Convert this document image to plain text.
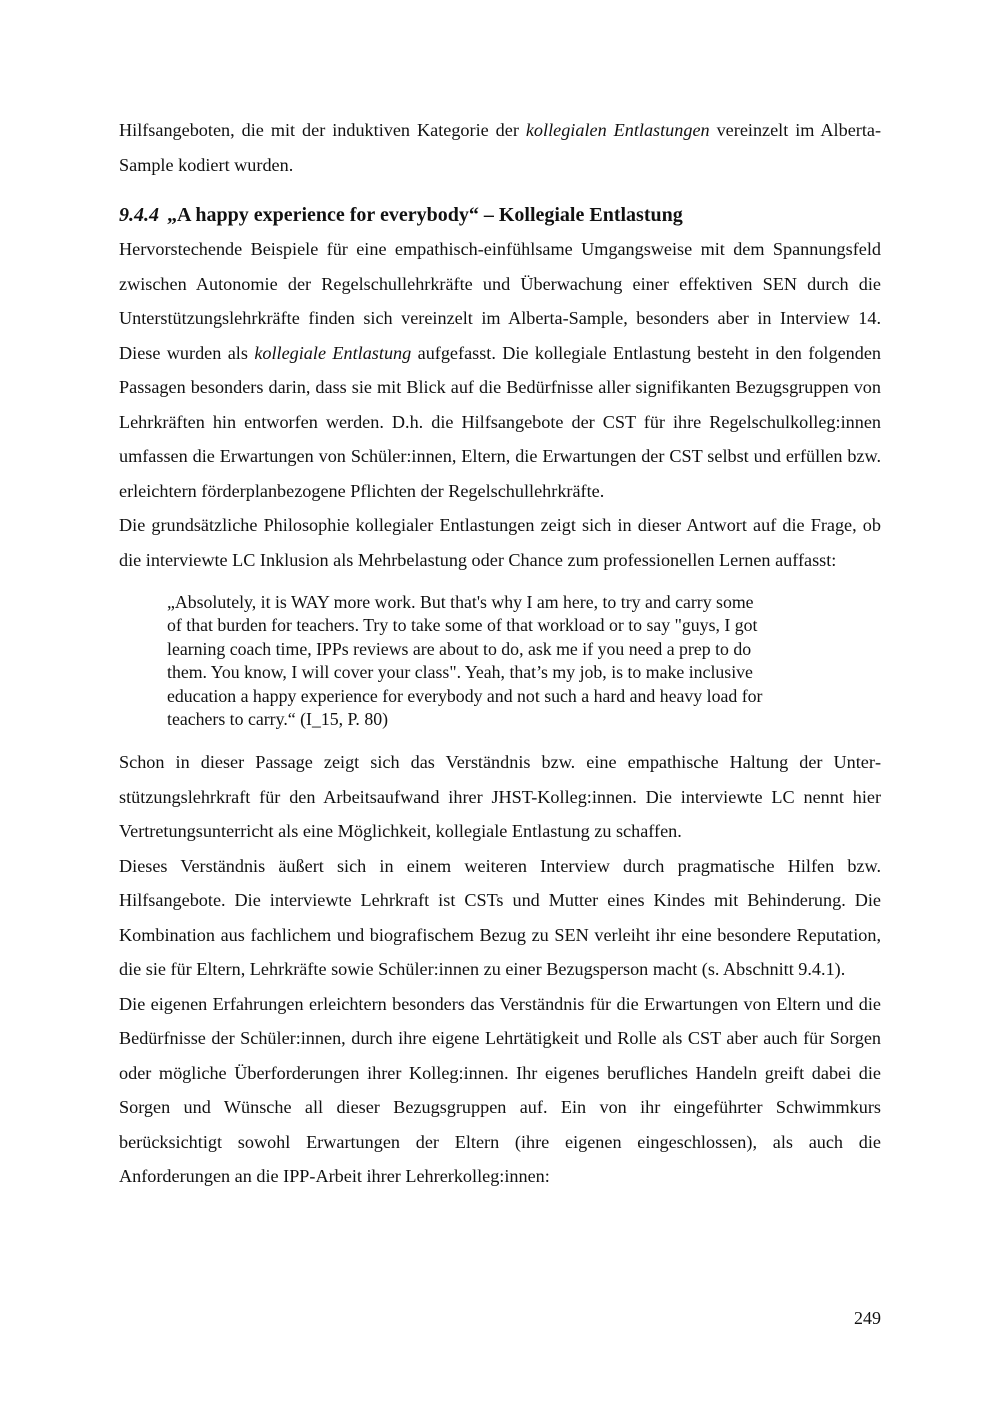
Hilfsangeboten, die mit der induktiven Kategorie der kollegialen Entlastungen vereinzelt im Alberta-Sample kodiert wurden.

9.4.4 „A happy experience for everybody“ – Kollegiale Entlastung

Hervorstechende Beispiele für eine empathisch-einfühlsame Umgangsweise mit dem Spannungsfeld zwischen Autonomie der Regelschullehrkräfte und Überwachung einer effektiven SEN durch die Unterstützungslehrkräfte finden sich vereinzelt im Alberta-Sample, besonders aber in Interview 14. Diese wurden als kollegiale Entlastung aufgefasst. Die kollegiale Entlastung besteht in den folgenden Passagen besonders darin, dass sie mit Blick auf die Bedürfnisse aller signifikanten Bezugsgruppen von Lehrkräften hin entworfen werden. D.h. die Hilfsangebote der CST für ihre Regelschulkolleg:innen umfassen die Erwartungen von Schüler:innen, Eltern, die Erwartungen der CST selbst und erfüllen bzw. erleichtern förderplanbezogene Pflichten der Regelschullehrkräfte.

Die grundsätzliche Philosophie kollegialer Entlastungen zeigt sich in dieser Antwort auf die Frage, ob die interviewte LC Inklusion als Mehrbelastung oder Chance zum professionellen Lernen auffasst:

„Absolutely, it is WAY more work. But that's why I am here, to try and carry some
of that burden for teachers. Try to take some of that workload or to say "guys, I got
learning coach time, IPPs reviews are about to do, ask me if you need a prep to do
them. You know, I will cover your class". Yeah, that’s my job, is to make inclusive
education a happy experience for everybody and not such a hard and heavy load for
teachers to carry.“ (I_15, P. 80)

Schon in dieser Passage zeigt sich das Verständnis bzw. eine empathische Haltung der Unterstützungslehrkraft für den Arbeitsaufwand ihrer JHST-Kolleg:innen. Die interviewte LC nennt hier Vertretungsunterricht als eine Möglichkeit, kollegiale Entlastung zu schaffen.

Dieses Verständnis äußert sich in einem weiteren Interview durch pragmatische Hilfen bzw. Hilfsangebote. Die interviewte Lehrkraft ist CSTs und Mutter eines Kindes mit Behinderung. Die Kombination aus fachlichem und biografischem Bezug zu SEN verleiht ihr eine besondere Reputation, die sie für Eltern, Lehrkräfte sowie Schüler:innen zu einer Bezugsperson macht (s. Abschnitt 9.4.1).

Die eigenen Erfahrungen erleichtern besonders das Verständnis für die Erwartungen von Eltern und die Bedürfnisse der Schüler:innen, durch ihre eigene Lehrtätigkeit und Rolle als CST aber auch für Sorgen oder mögliche Überforderungen ihrer Kolleg:innen. Ihr eigenes berufliches Handeln greift dabei die Sorgen und Wünsche all dieser Bezugsgruppen auf. Ein von ihr eingeführter Schwimmkurs berücksichtigt sowohl Erwartungen der Eltern (ihre eigenen eingeschlossen), als auch die Anforderungen an die IPP-Arbeit ihrer Lehrerkolleg:innen:

249
